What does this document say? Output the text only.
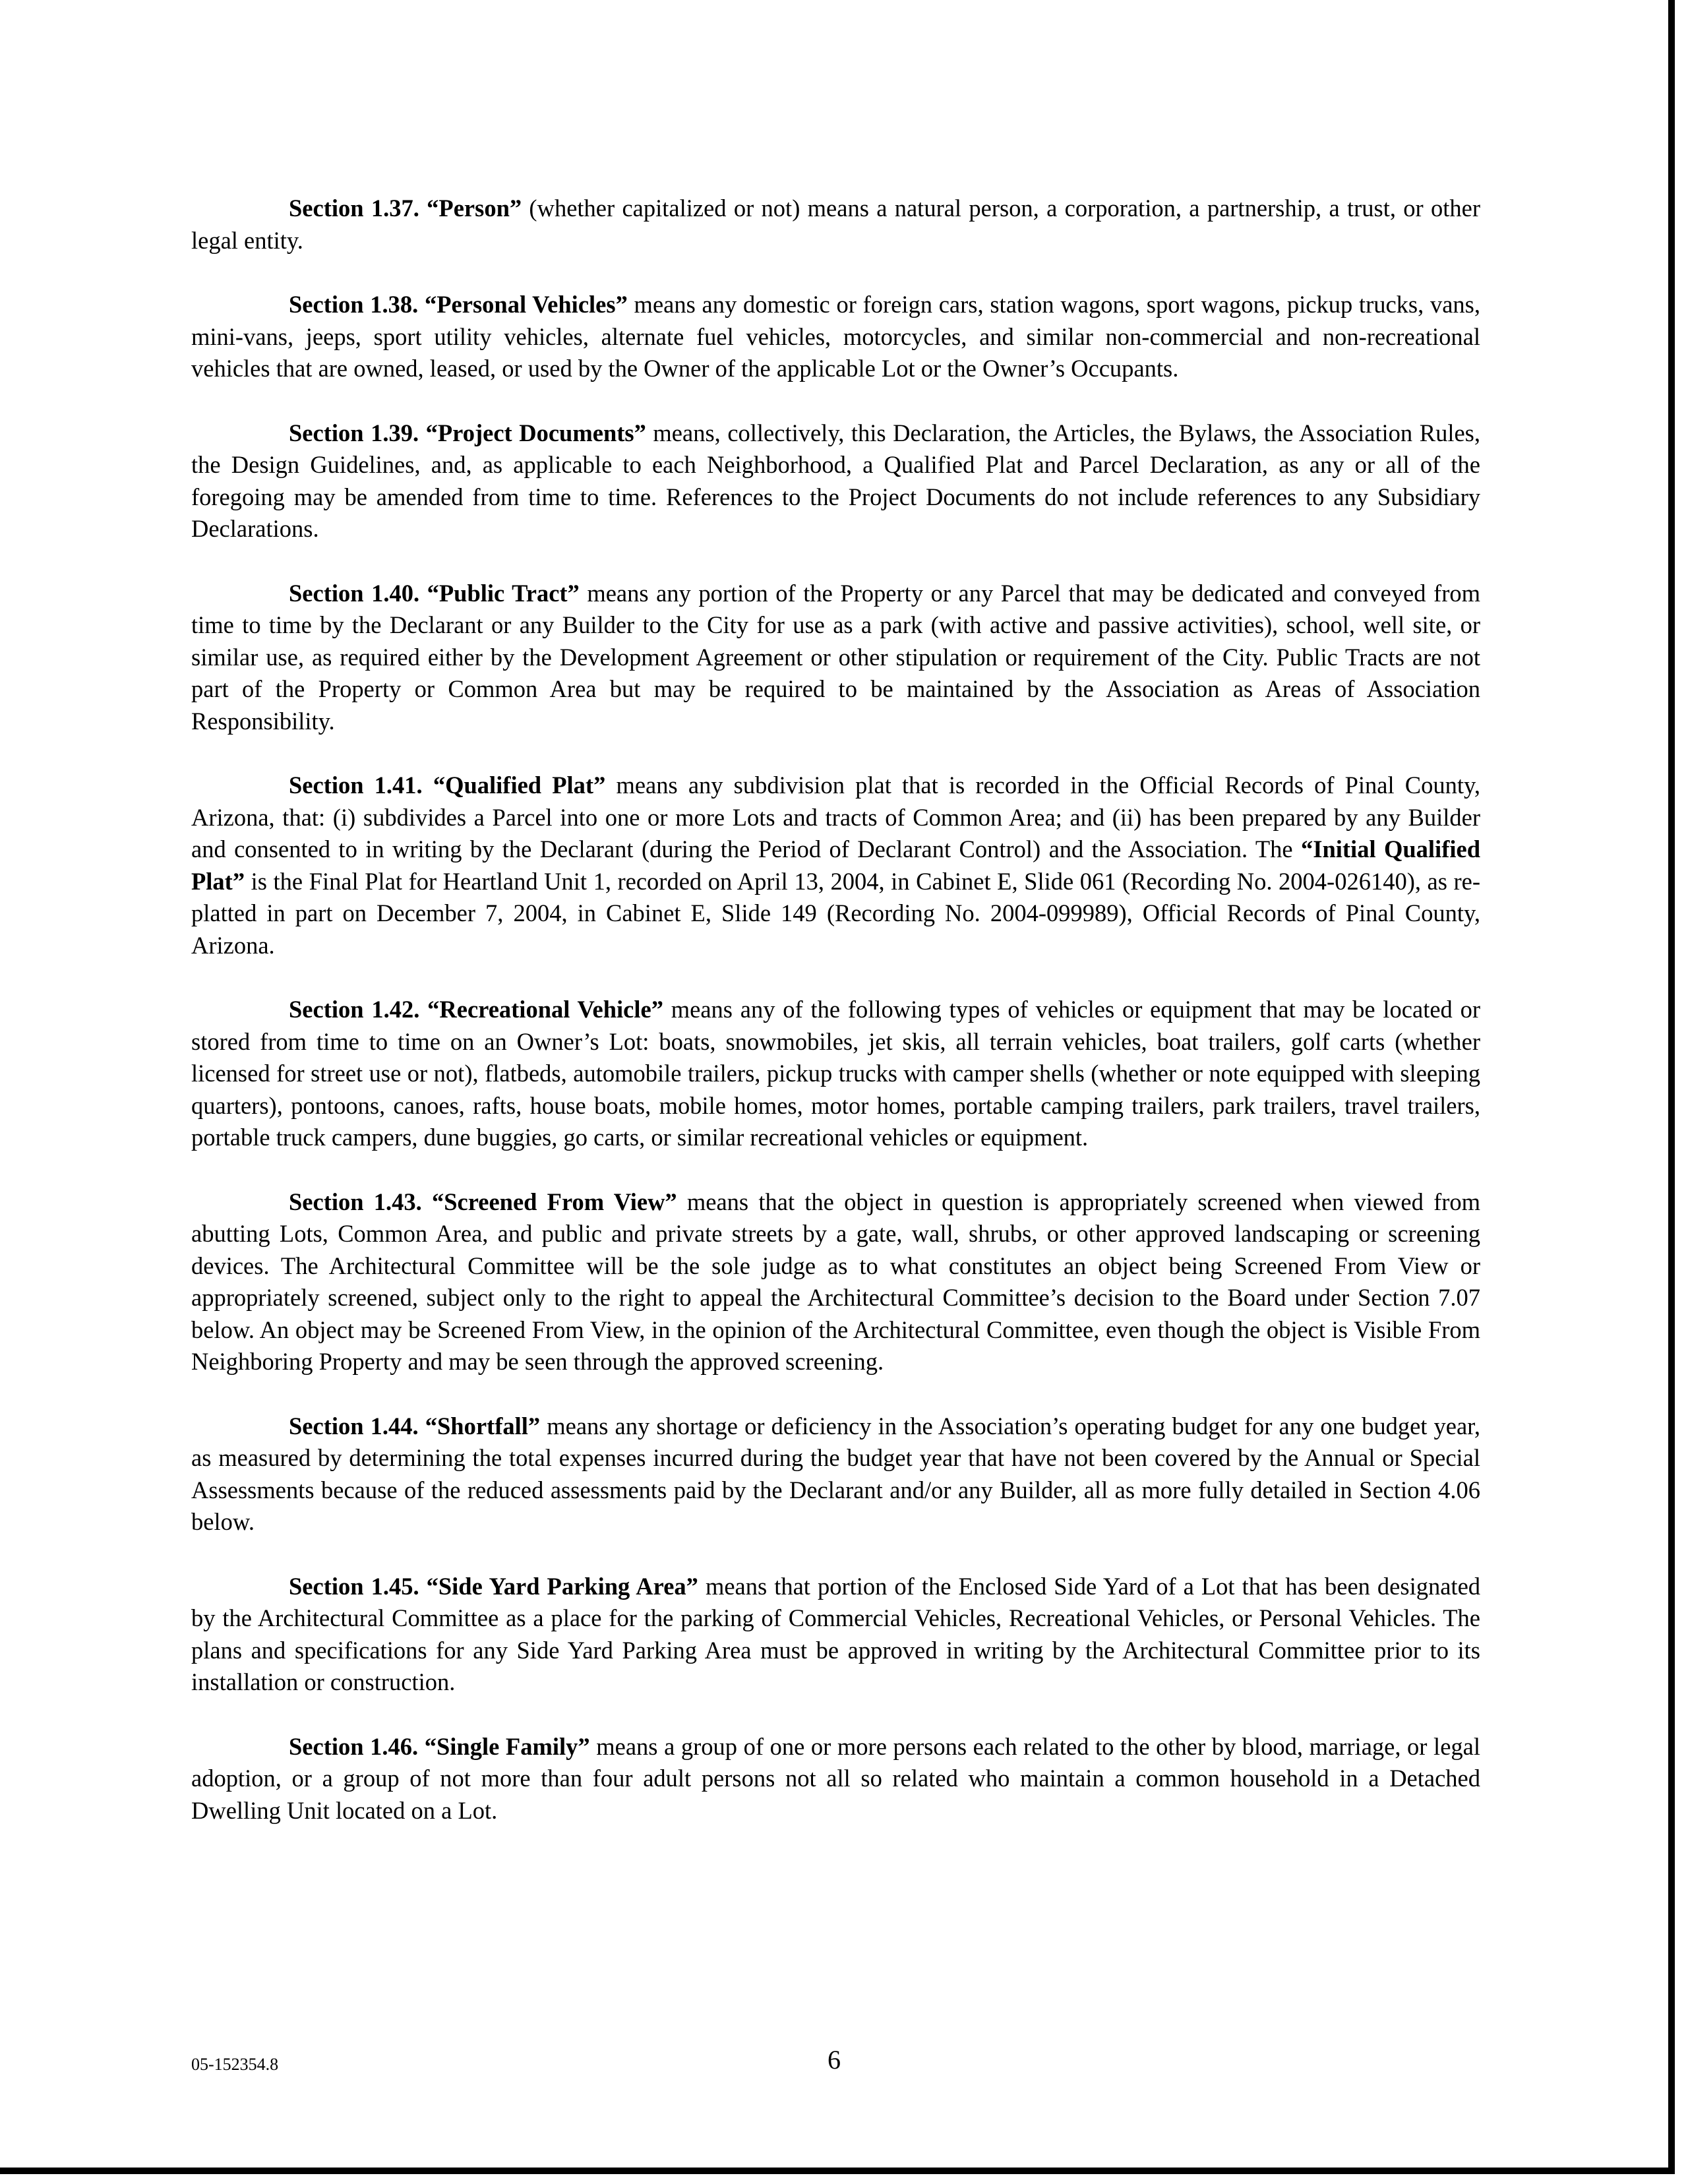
Section 1.37. “Person” (whether capitalized or not) means a natural person, a corporation, a partnership, a trust, or other legal entity.

Section 1.38. “Personal Vehicles” means any domestic or foreign cars, station wagons, sport wagons, pickup trucks, vans, mini-vans, jeeps, sport utility vehicles, alternate fuel vehicles, motorcycles, and similar non-commercial and non-recreational vehicles that are owned, leased, or used by the Owner of the applicable Lot or the Owner’s Occupants.

Section 1.39. “Project Documents” means, collectively, this Declaration, the Articles, the Bylaws, the Association Rules, the Design Guidelines, and, as applicable to each Neighborhood, a Qualified Plat and Parcel Declaration, as any or all of the foregoing may be amended from time to time. References to the Project Documents do not include references to any Subsidiary Declarations.

Section 1.40. “Public Tract” means any portion of the Property or any Parcel that may be dedicated and conveyed from time to time by the Declarant or any Builder to the City for use as a park (with active and passive activities), school, well site, or similar use, as required either by the Development Agreement or other stipulation or requirement of the City. Public Tracts are not part of the Property or Common Area but may be required to be maintained by the Association as Areas of Association Responsibility.

Section 1.41. “Qualified Plat” means any subdivision plat that is recorded in the Official Records of Pinal County, Arizona, that: (i) subdivides a Parcel into one or more Lots and tracts of Common Area; and (ii) has been prepared by any Builder and consented to in writing by the Declarant (during the Period of Declarant Control) and the Association. The “Initial Qualified Plat” is the Final Plat for Heartland Unit 1, recorded on April 13, 2004, in Cabinet E, Slide 061 (Recording No. 2004-026140), as re-platted in part on December 7, 2004, in Cabinet E, Slide 149 (Recording No. 2004-099989), Official Records of Pinal County, Arizona.

Section 1.42. “Recreational Vehicle” means any of the following types of vehicles or equipment that may be located or stored from time to time on an Owner’s Lot: boats, snowmobiles, jet skis, all terrain vehicles, boat trailers, golf carts (whether licensed for street use or not), flatbeds, automobile trailers, pickup trucks with camper shells (whether or note equipped with sleeping quarters), pontoons, canoes, rafts, house boats, mobile homes, motor homes, portable camping trailers, park trailers, travel trailers, portable truck campers, dune buggies, go carts, or similar recreational vehicles or equipment.

Section 1.43. “Screened From View” means that the object in question is appropriately screened when viewed from abutting Lots, Common Area, and public and private streets by a gate, wall, shrubs, or other approved landscaping or screening devices. The Architectural Committee will be the sole judge as to what constitutes an object being Screened From View or appropriately screened, subject only to the right to appeal the Architectural Committee’s decision to the Board under Section 7.07 below. An object may be Screened From View, in the opinion of the Architectural Committee, even though the object is Visible From Neighboring Property and may be seen through the approved screening.

Section 1.44. “Shortfall” means any shortage or deficiency in the Association’s operating budget for any one budget year, as measured by determining the total expenses incurred during the budget year that have not been covered by the Annual or Special Assessments because of the reduced assessments paid by the Declarant and/or any Builder, all as more fully detailed in Section 4.06 below.

Section 1.45. “Side Yard Parking Area” means that portion of the Enclosed Side Yard of a Lot that has been designated by the Architectural Committee as a place for the parking of Commercial Vehicles, Recreational Vehicles, or Personal Vehicles. The plans and specifications for any Side Yard Parking Area must be approved in writing by the Architectural Committee prior to its installation or construction.

Section 1.46. “Single Family” means a group of one or more persons each related to the other by blood, marriage, or legal adoption, or a group of not more than four adult persons not all so related who maintain a common household in a Detached Dwelling Unit located on a Lot.

05-152354.8	6
